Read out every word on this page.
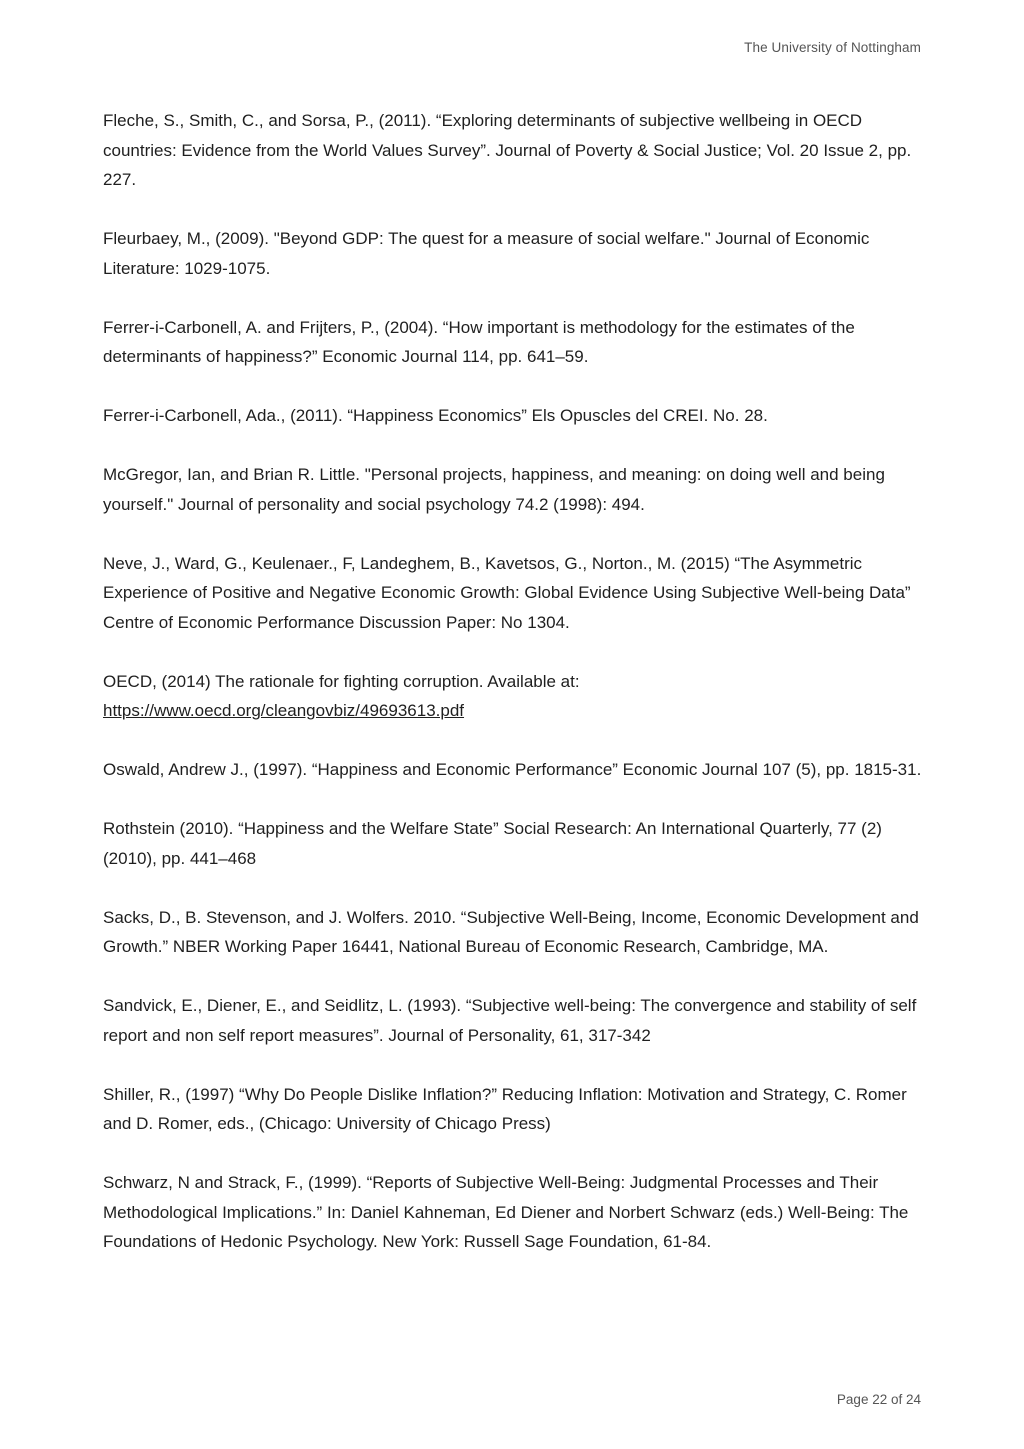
The University of Nottingham

Fleche, S., Smith, C., and Sorsa, P., (2011). “Exploring determinants of subjective wellbeing in OECD countries: Evidence from the World Values Survey”. Journal of Poverty & Social Justice; Vol. 20 Issue 2, pp. 227.

Fleurbaey, M., (2009). "Beyond GDP: The quest for a measure of social welfare." Journal of Economic Literature: 1029-1075.

Ferrer-i-Carbonell, A. and Frijters, P., (2004). “How important is methodology for the estimates of the determinants of happiness?” Economic Journal 114, pp. 641–59.

Ferrer-i-Carbonell, Ada., (2011). “Happiness Economics” Els Opuscles del CREI. No. 28.

McGregor, Ian, and Brian R. Little. "Personal projects, happiness, and meaning: on doing well and being yourself." Journal of personality and social psychology 74.2 (1998): 494.

Neve, J., Ward, G., Keulenaer., F, Landeghem, B., Kavetsos, G., Norton., M. (2015) “The Asymmetric Experience of Positive and Negative Economic Growth: Global Evidence Using Subjective Well-being Data” Centre of Economic Performance Discussion Paper: No 1304.

OECD, (2014) The rationale for fighting corruption. Available at: https://www.oecd.org/cleangovbiz/49693613.pdf

Oswald, Andrew J., (1997). “Happiness and Economic Performance” Economic Journal 107 (5), pp. 1815-31.

Rothstein (2010). “Happiness and the Welfare State” Social Research: An International Quarterly, 77 (2) (2010), pp. 441–468

Sacks, D., B. Stevenson, and J. Wolfers. 2010. “Subjective Well-Being, Income, Economic Development and Growth.” NBER Working Paper 16441, National Bureau of Economic Research, Cambridge, MA.

Sandvick, E., Diener, E., and Seidlitz, L. (1993). “Subjective well-being: The convergence and stability of self report and non self report measures”. Journal of Personality, 61, 317-342

Shiller, R., (1997) “Why Do People Dislike Inflation?” Reducing Inflation: Motivation and Strategy, C. Romer and D. Romer, eds., (Chicago: University of Chicago Press)

Schwarz, N and Strack, F., (1999). “Reports of Subjective Well-Being: Judgmental Processes and Their Methodological Implications.” In: Daniel Kahneman, Ed Diener and Norbert Schwarz (eds.) Well-Being: The Foundations of Hedonic Psychology. New York: Russell Sage Foundation, 61-84.

Page 22 of 24
